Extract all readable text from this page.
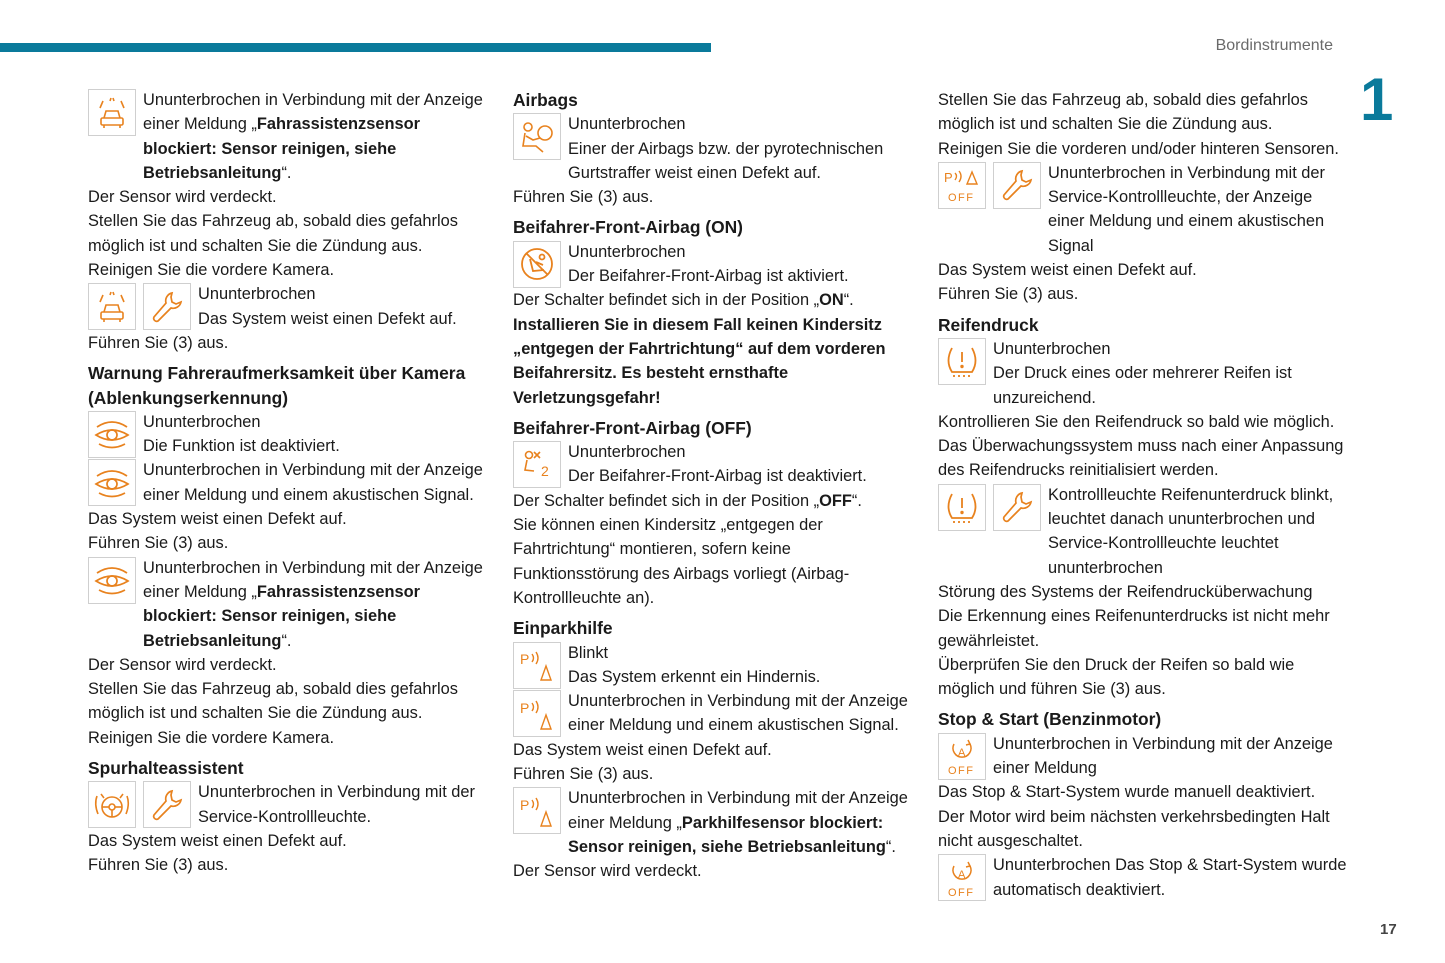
Bordinstrumente
1
17
Ununterbrochen in Verbindung mit der Anzeige einer Meldung „Fahrassistenzsensor blockiert: Sensor reinigen, siehe Betriebsanleitung“.

Der Sensor wird verdeckt.

Stellen Sie das Fahrzeug ab, sobald dies gefahrlos möglich ist und schalten Sie die Zündung aus.

Reinigen Sie die vordere Kamera.

Ununterbrochen

Das System weist einen Defekt auf.

Führen Sie (3) aus.

Warnung Fahreraufmerksamkeit über Kamera (Ablenkungserkennung)

Ununterbrochen

Die Funktion ist deaktiviert.

Ununterbrochen in Verbindung mit der Anzeige einer Meldung und einem akustischen Signal.

Das System weist einen Defekt auf.

Führen Sie (3) aus.

Ununterbrochen in Verbindung mit der Anzeige einer Meldung „Fahrassistenzsensor blockiert: Sensor reinigen, siehe Betriebsanleitung“.

Der Sensor wird verdeckt.

Stellen Sie das Fahrzeug ab, sobald dies gefahrlos möglich ist und schalten Sie die Zündung aus.

Reinigen Sie die vordere Kamera.

Spurhalteassistent

Ununterbrochen in Verbindung mit der Service-Kontrollleuchte.

Das System weist einen Defekt auf.

Führen Sie (3) aus.

Airbags

Ununterbrochen

Einer der Airbags bzw. der pyrotechnischen Gurtstraffer weist einen Defekt auf.

Führen Sie (3) aus.

Beifahrer-Front-Airbag (ON)

Ununterbrochen

Der Beifahrer-Front-Airbag ist aktiviert.

Der Schalter befindet sich in der Position „ON“.

Installieren Sie in diesem Fall keinen Kindersitz „entgegen der Fahrtrichtung“ auf dem vorderen Beifahrersitz. Es besteht ernsthafte Verletzungsgefahr!

Beifahrer-Front-Airbag (OFF)

2

Ununterbrochen

Der Beifahrer-Front-Airbag ist deaktiviert.

Der Schalter befindet sich in der Position „OFF“.

Sie können einen Kindersitz „entgegen der Fahrtrichtung“ montieren, sofern keine Funktionsstörung des Airbags vorliegt (Airbag-Kontrollleuchte an).

Einparkhilfe

P Blinkt

Das System erkennt ein Hindernis.

P Ununterbrochen in Verbindung mit der Anzeige einer Meldung und einem akustischen Signal.

Das System weist einen Defekt auf.

Führen Sie (3) aus.

P Ununterbrochen in Verbindung mit der Anzeige einer Meldung „Parkhilfesensor blockiert: Sensor reinigen, siehe Betriebsanleitung“.

Der Sensor wird verdeckt.

Stellen Sie das Fahrzeug ab, sobald dies gefahrlos möglich ist und schalten Sie die Zündung aus.

Reinigen Sie die vorderen und/oder hinteren Sensoren.

P
OFF
Ununterbrochen in Verbindung mit der Service-Kontrollleuchte, der Anzeige einer Meldung und einem akustischen Signal

Das System weist einen Defekt auf.

Führen Sie (3) aus.

Reifendruck

Ununterbrochen

Der Druck eines oder mehrerer Reifen ist unzureichend.

Kontrollieren Sie den Reifendruck so bald wie möglich.

Das Überwachungssystem muss nach einer Anpassung des Reifendrucks reinitialisiert werden.

Kontrollleuchte Reifenunterdruck blinkt, leuchtet danach ununterbrochen und Service-Kontrollleuchte leuchtet ununterbrochen

Störung des Systems der Reifendrucküberwachung

Die Erkennung eines Reifenunterdrucks ist nicht mehr gewährleistet.

Überprüfen Sie den Druck der Reifen so bald wie möglich und führen Sie (3) aus.

Stop & Start (Benzinmotor)

A
OFF
Ununterbrochen in Verbindung mit der Anzeige einer Meldung

Das Stop & Start-System wurde manuell deaktiviert.

Der Motor wird beim nächsten verkehrsbedingten Halt nicht ausgeschaltet.

A
OFF
Ununterbrochen Das Stop & Start-System wurde automatisch deaktiviert.
